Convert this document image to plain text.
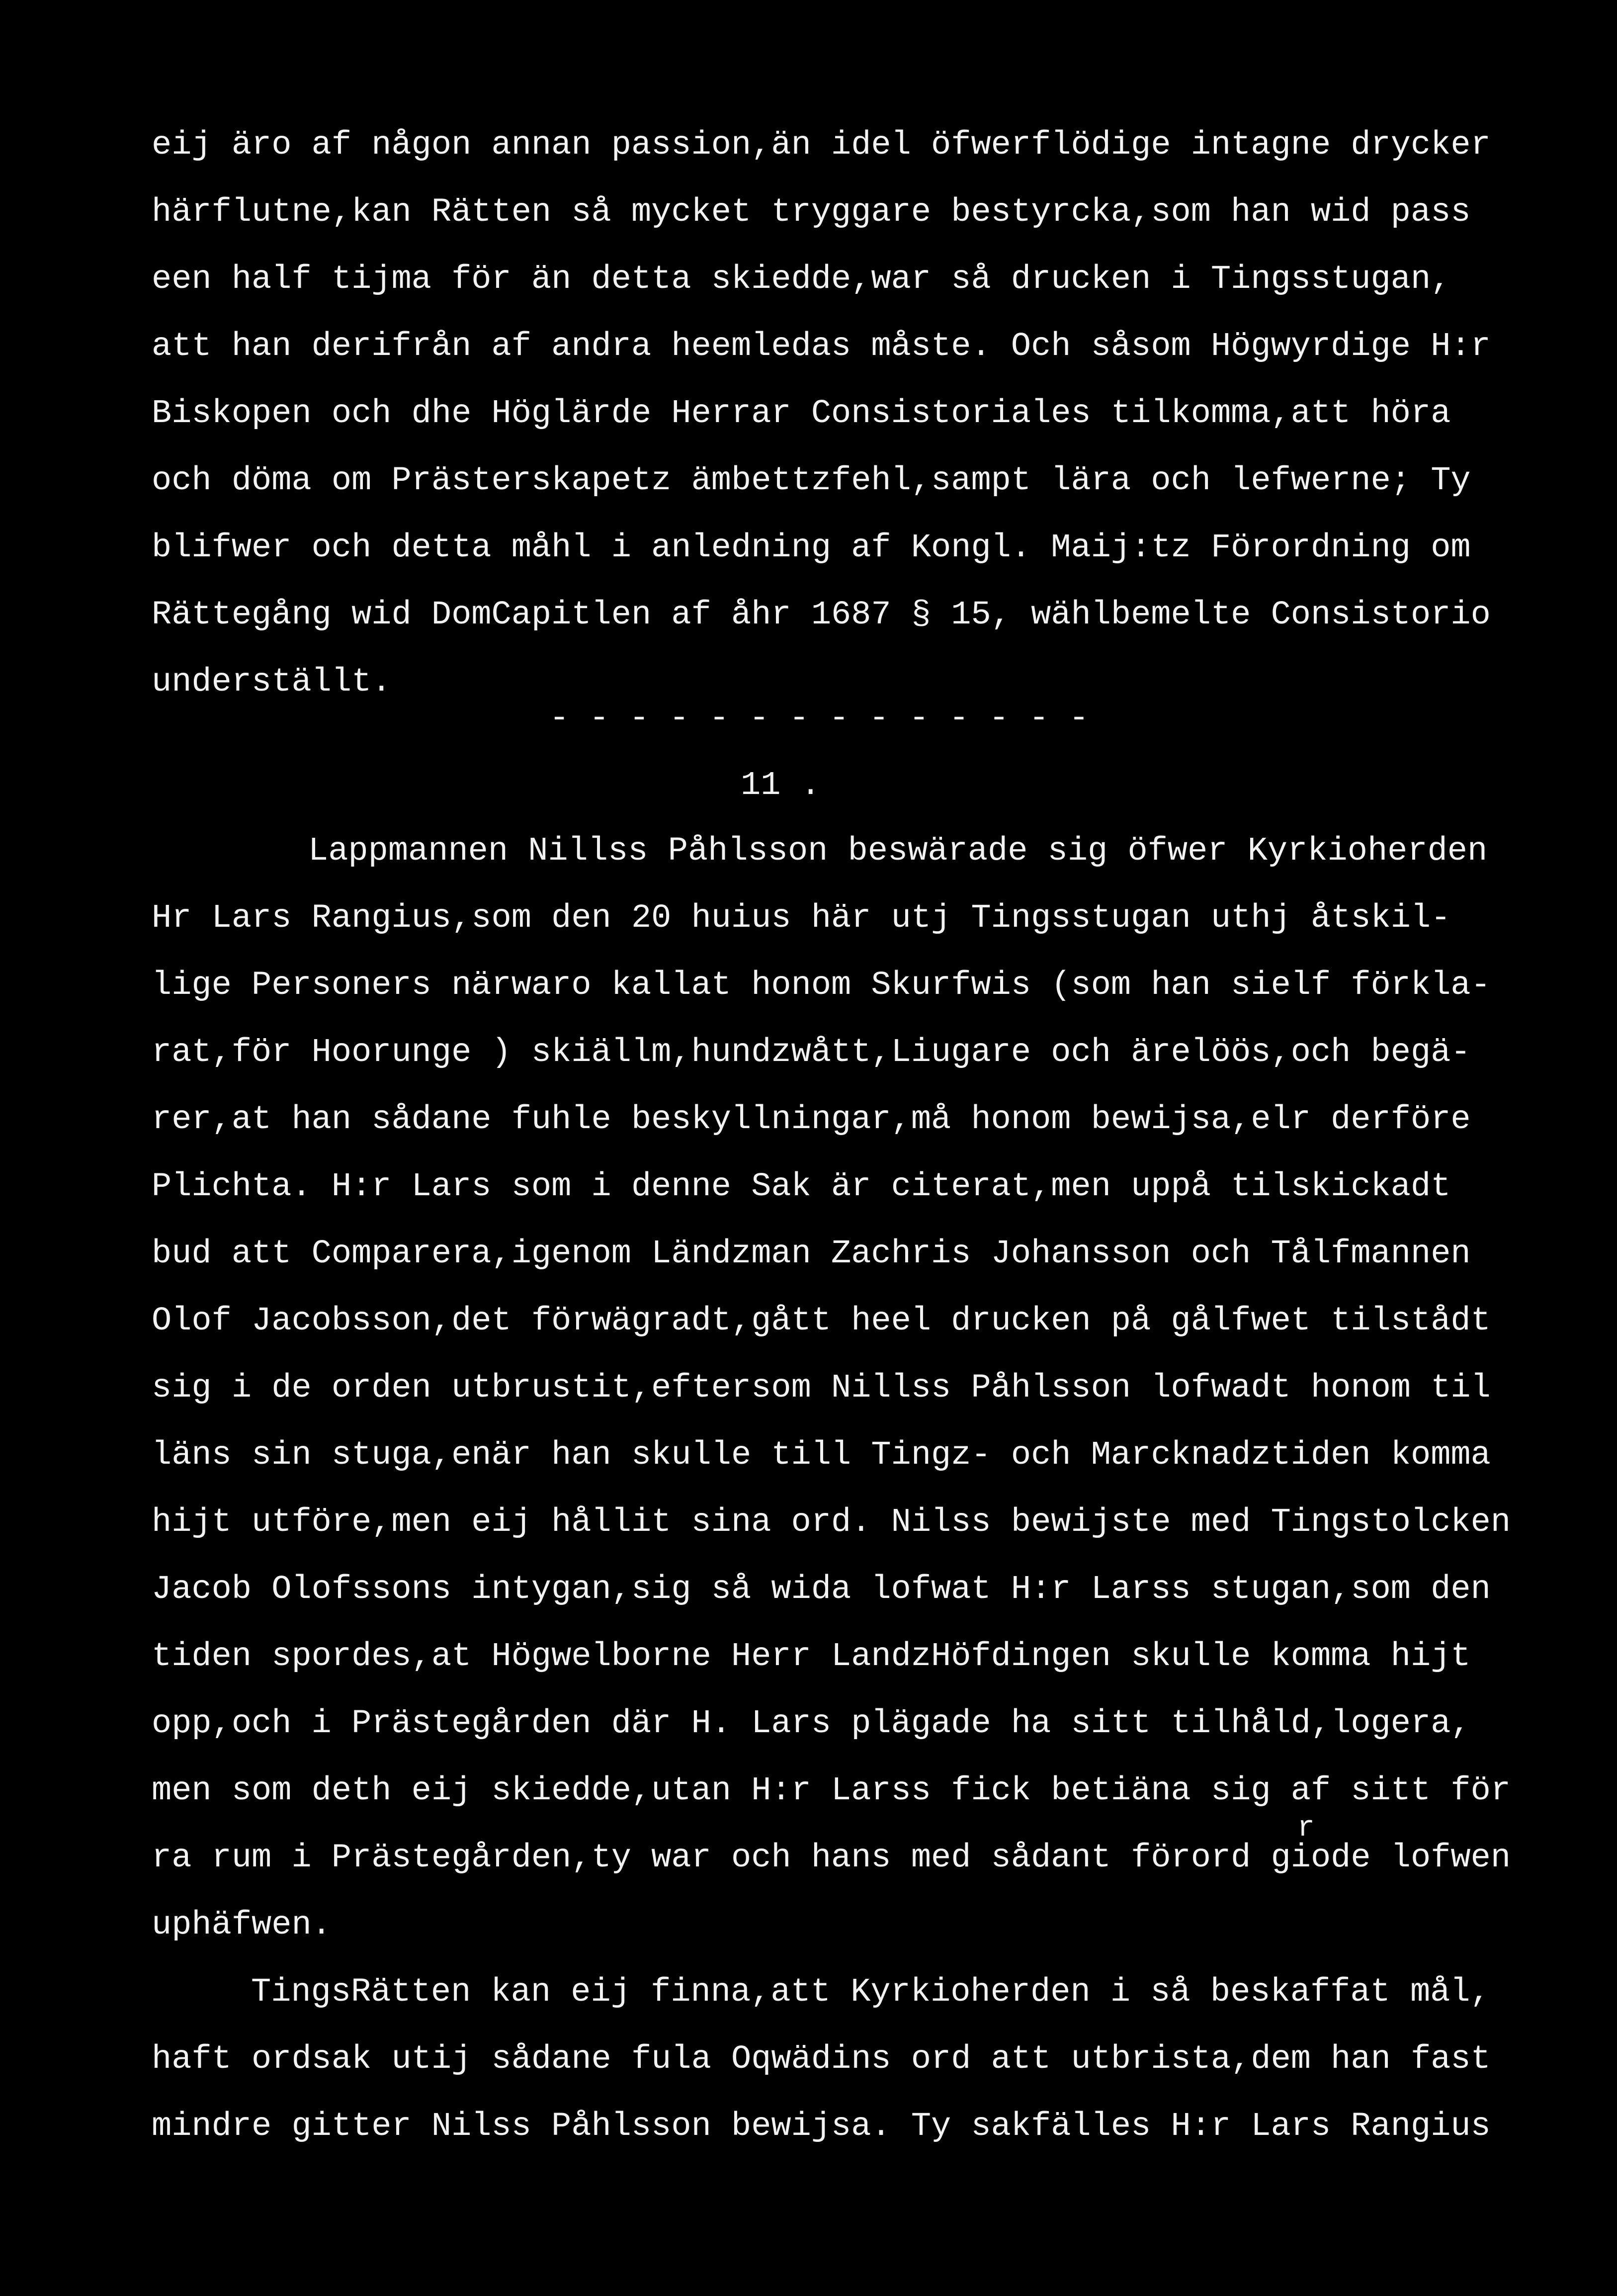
eij äro af någon annan passion,än idel öfwerflödige intagne drycker
härflutne,kan Rätten så mycket tryggare bestyrcka,som han wid pass
een half tijma för än detta skiedde,war så drucken i Tingsstugan,
att han derifrån af andra heemledas måste. Och såsom Högwyrdige H:r
Biskopen och dhe Höglärde Herrar Consistoriales tilkomma,att höra
och döma om Prästerskapetz ämbettzfehl,sampt lära och lefwerne; Ty
blifwer och detta måhl i anledning af Kongl. Maij:tz Förordning om
Rättegång wid DomCapitlen af åhr 1687 § 15, wählbemelte Consistorio
underställt.
- - - - - - - - - - - - - -
11 .
Lappmannen Nillss Påhlsson beswärade sig öfwer Kyrkioherden
Hr Lars Rangius,som den 20 huius här utj Tingsstugan uthj åtskil-
lige Personers närwaro kallat honom Skurfwis (som han sielf förkla-
rat,för Hoorunge ) skiällm,hundzwått,Liugare och ärelöös,och begä-
rer,at han sådane fuhle beskyllningar,må honom bewijsa,elr derföre
Plichta. H:r Lars som i denne Sak är citerat,men uppå tilskickadt
bud att Comparera,igenom Ländzman Zachris Johansson och Tålfmannen
Olof Jacobsson,det förwägradt,gått heel drucken på gålfwet tilstådt
sig i de orden utbrustit,eftersom Nillss Påhlsson lofwadt honom til
läns sin stuga,enär han skulle till Tingz- och Marcknadztiden komma
hijt utföre,men eij hållit sina ord. Nilss bewijste med Tingstolcken
Jacob Olofssons intygan,sig så wida lofwat H:r Larss stugan,som den
tiden spordes,at Högwelborne Herr LandzHöfdingen skulle komma hijt
opp,och i Prästegården där H. Lars plägade ha sitt tilhåld,logera,
men som deth eij skiedde,utan H:r Larss fick betiäna sig af sitt för
r
ra rum i Prästegården,ty war och hans med sådant förord giode lofwen
uphäfwen.
TingsRätten kan eij finna,att Kyrkioherden i så beskaffat mål,
haft ordsak utij sådane fula Oqwädins ord att utbrista,dem han fast
mindre gitter Nilss Påhlsson bewijsa. Ty sakfälles H:r Lars Rangius
